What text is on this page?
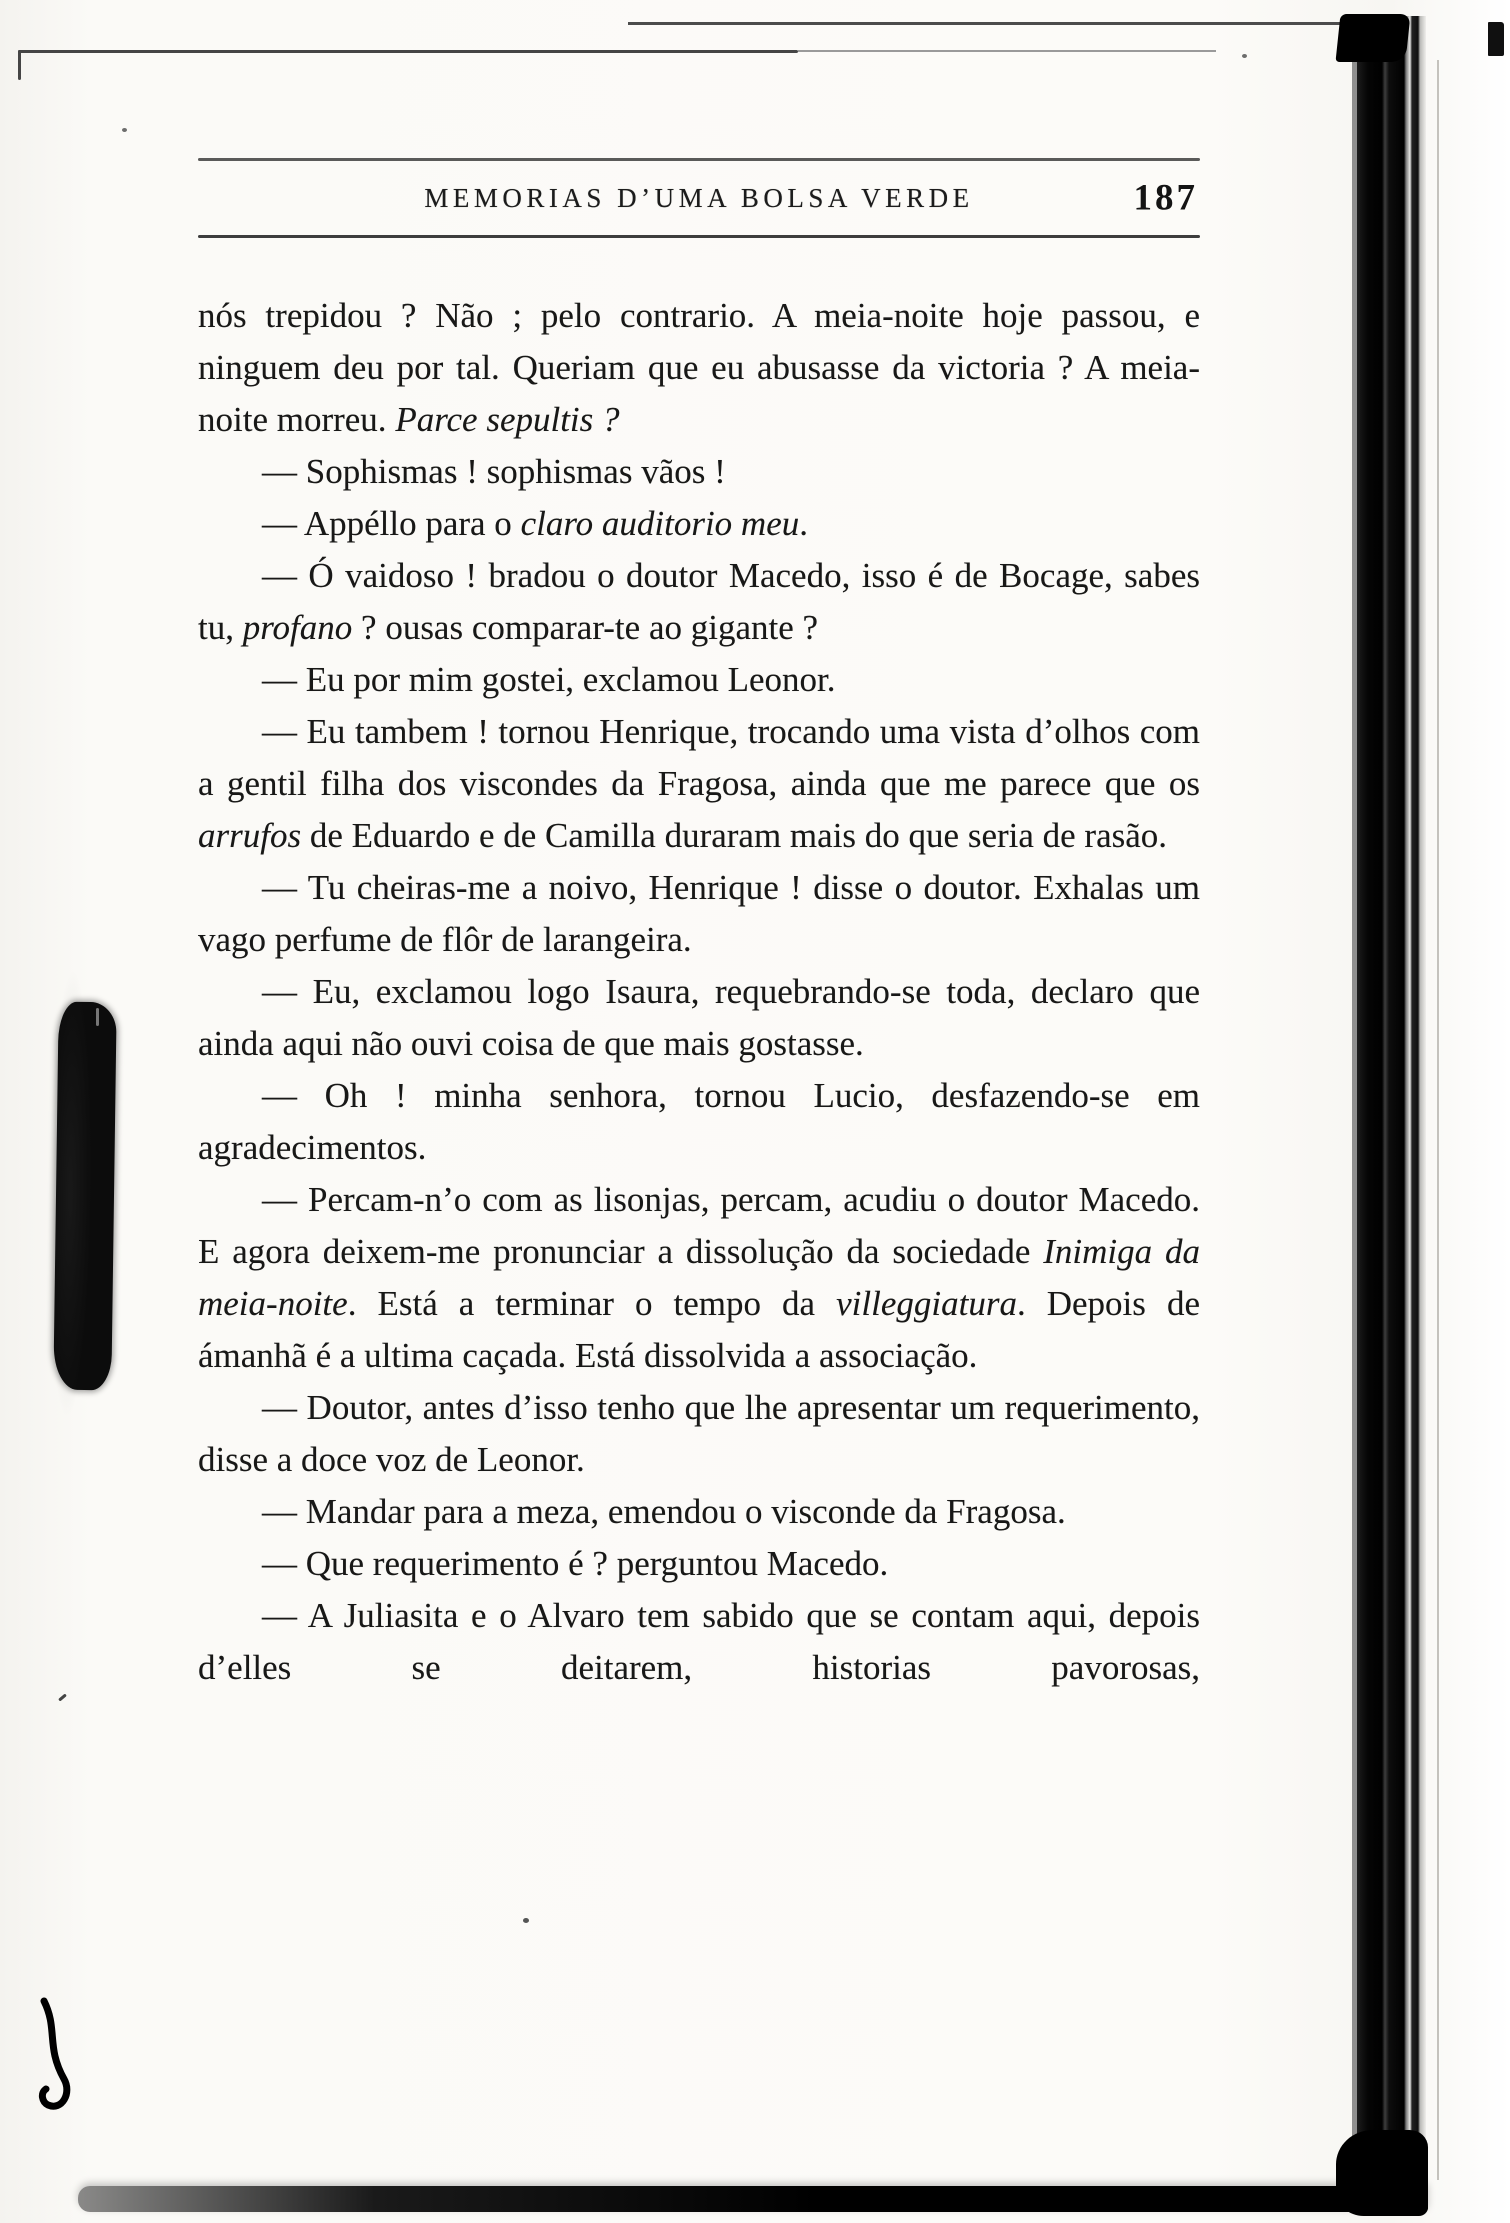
MEMORIAS D’UMA BOLSA VERDE	187

nós trepidou ? Não ; pelo contrario. A meia-noite hoje passou, e ninguem deu por tal. Queriam que eu abusasse da victoria ? A meia-noite morreu. Parce sepultis ?

— Sophismas ! sophismas vãos !

— Appéllo para o claro auditorio meu.

— Ó vaidoso ! bradou o doutor Macedo, isso é de Bocage, sabes tu, profano ? ousas comparar-te ao gigante ?

— Eu por mim gostei, exclamou Leonor.

— Eu tambem ! tornou Henrique, trocando uma vista d’olhos com a gentil filha dos viscondes da Fragosa, ainda que me parece que os arrufos de Eduardo e de Camilla duraram mais do que seria de rasão.

— Tu cheiras-me a noivo, Henrique ! disse o doutor. Exhalas um vago perfume de flôr de larangeira.

— Eu, exclamou logo Isaura, requebrando-se toda, declaro que ainda aqui não ouvi coisa de que mais gostasse.

— Oh ! minha senhora, tornou Lucio, desfazendo-se em agradecimentos.

— Percam-n’o com as lisonjas, percam, acudiu o doutor Macedo. E agora deixem-me pronunciar a dissolução da sociedade Inimiga da meia-noite. Está a terminar o tempo da villeggiatura. Depois de ámanhã é a ultima caçada. Está dissolvida a associação.

— Doutor, antes d’isso tenho que lhe apresentar um requerimento, disse a doce voz de Leonor.

— Mandar para a meza, emendou o visconde da Fragosa.

— Que requerimento é ? perguntou Macedo.

— A Juliasita e o Alvaro tem sabido que se contam aqui, depois d’elles se deitarem, historias pavorosas,
